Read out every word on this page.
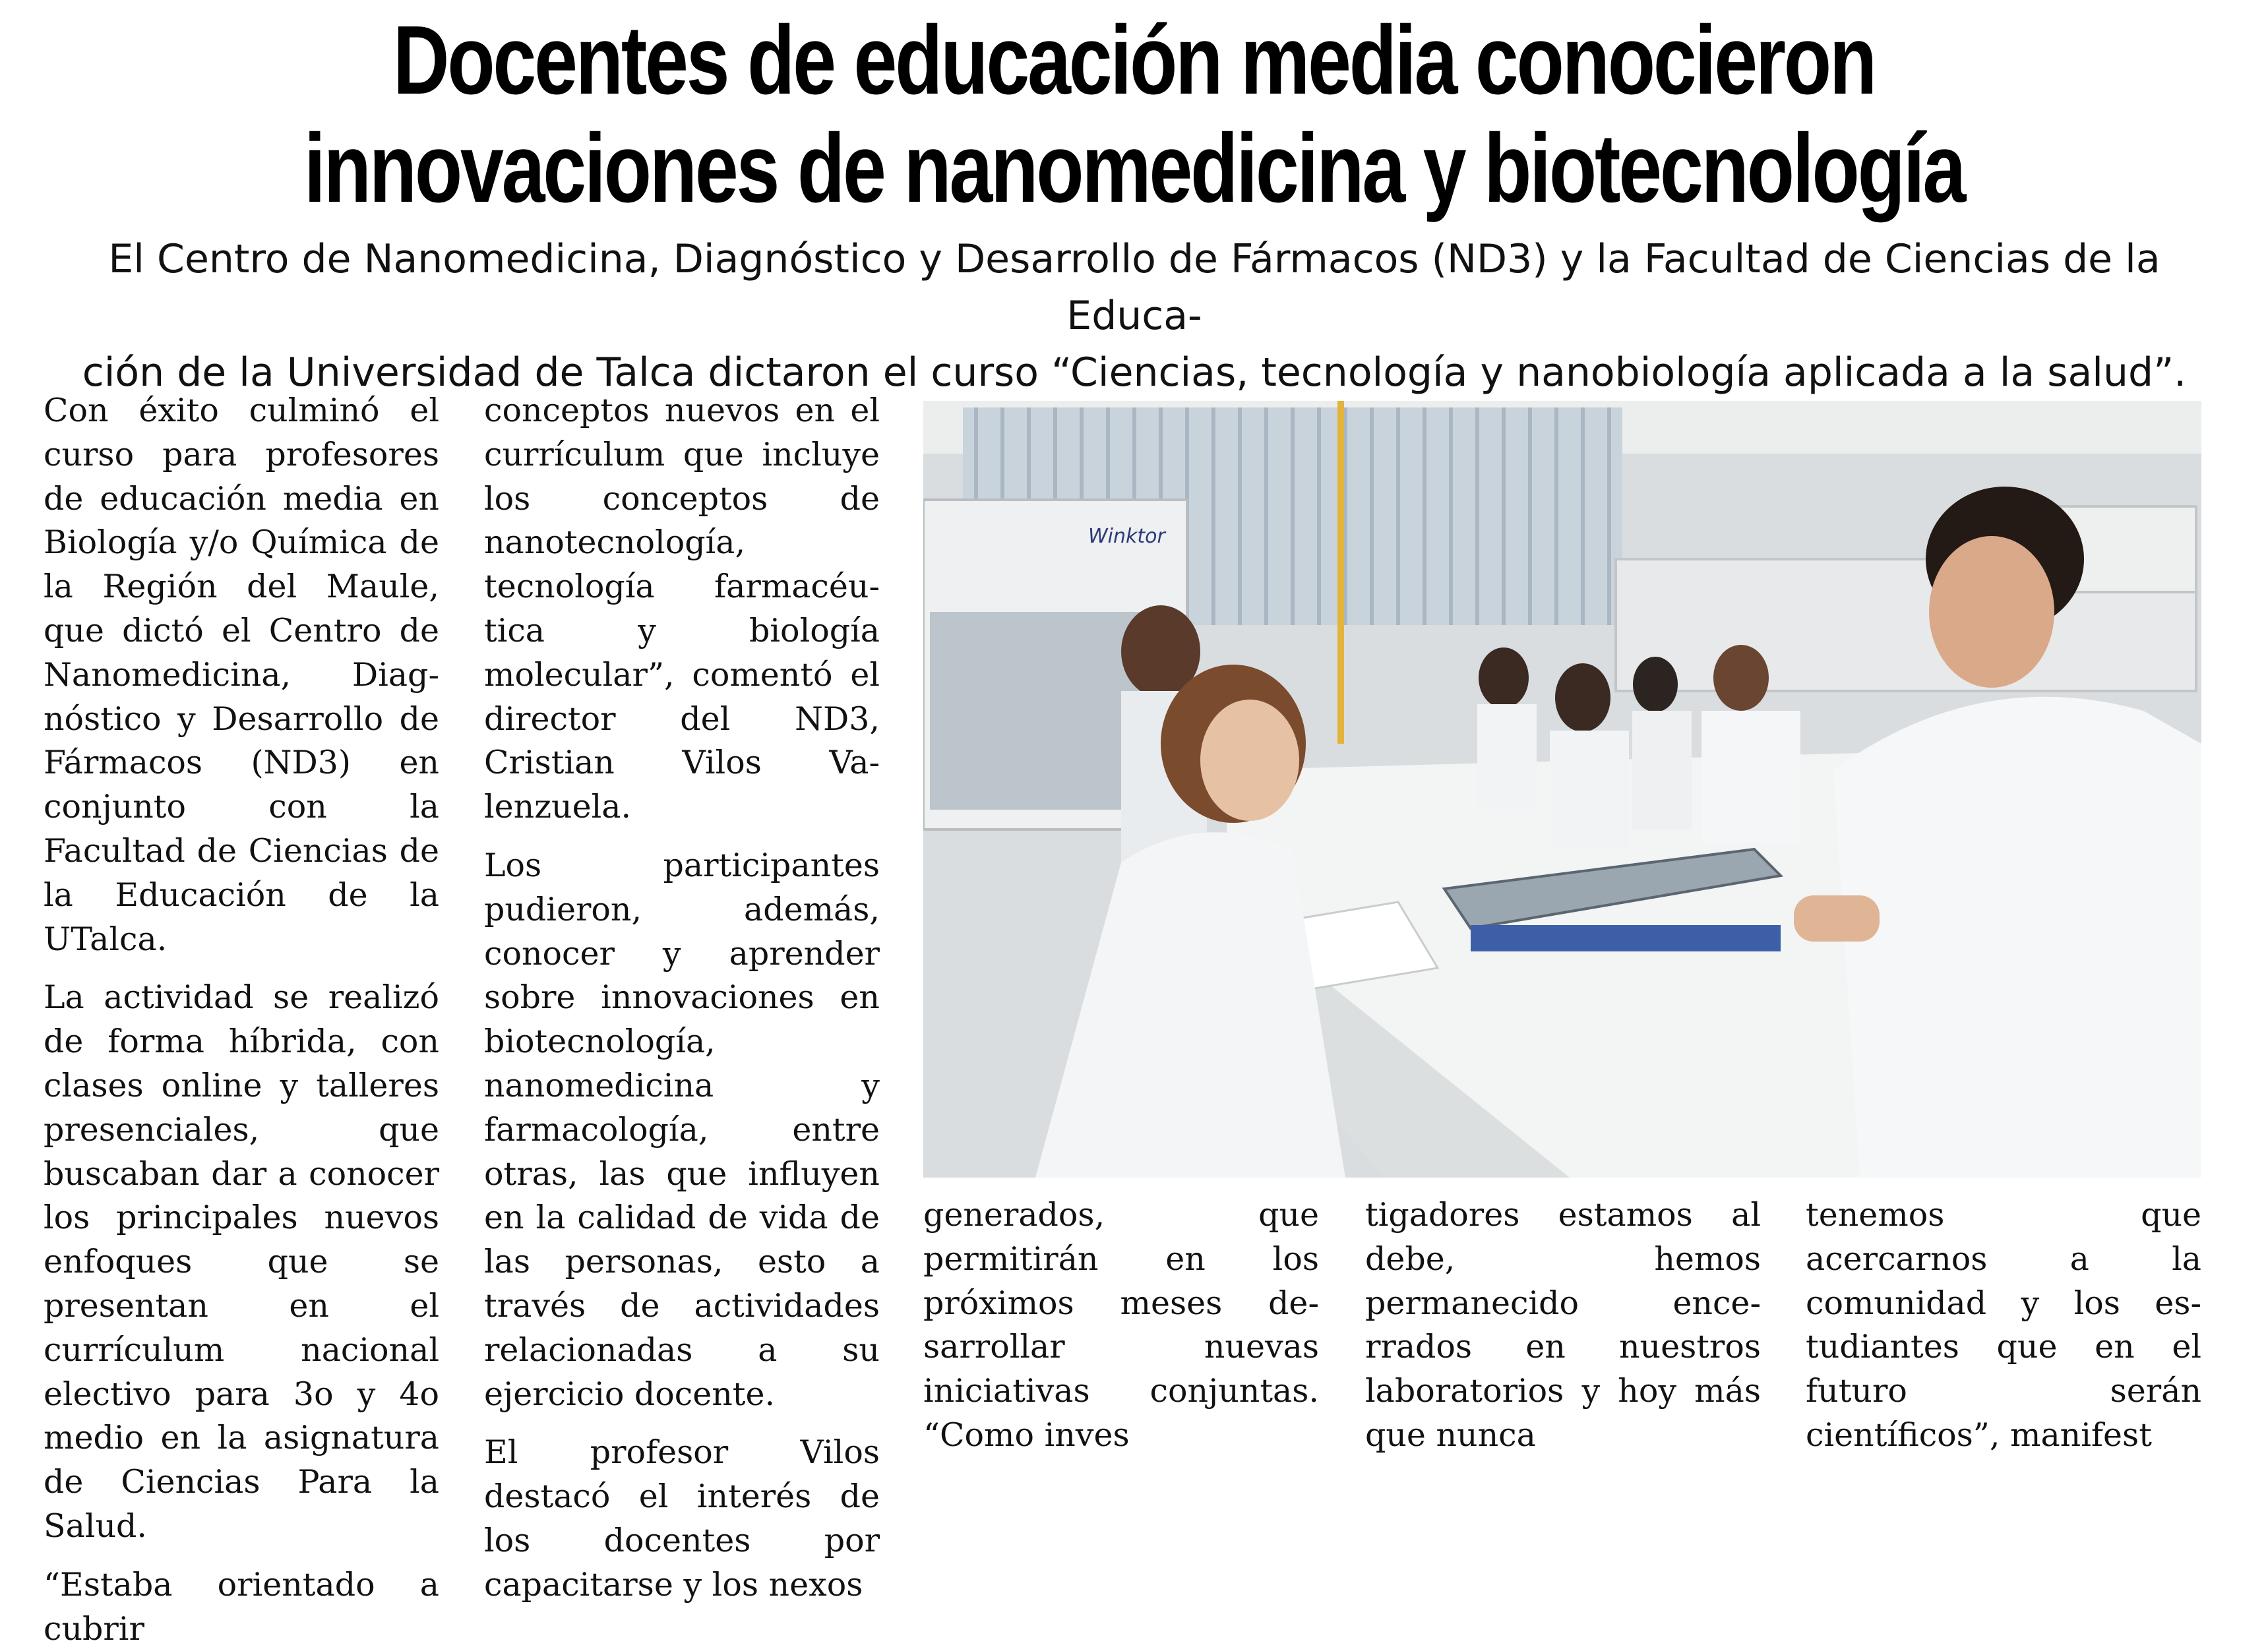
Docentes de educación media conocieron
innovaciones de nanomedicina y biotecnología
El Centro de Nanomedicina, Diagnóstico y Desarrollo de Fármacos (ND3) y la Facultad de Ciencias de la Educa-
ción de la Universidad de Talca dictaron el curso “Ciencias, tecnología y nanobiología aplicada a la salud”.

Con éxito culminó el curso para profesores de educación media en Biología y/o Química de la Región del Maule, que dictó el Centro de Nanomedicina, Diagnóstico y Desarrollo de Fármacos (ND3) en conjunto con la Facultad de Ciencias de la Educación de la UTalca.

La actividad se realizó de forma híbrida, con clases online y talleres presenciales, que buscaban dar a conocer los principales nuevos enfoques que se presentan en el currículum nacional electivo para 3o y 4o medio en la asignatura de Ciencias Para la Salud.

“Estaba orientado a cubrir

conceptos nuevos en el currículum que incluye los conceptos de nanotecnología, tecnología farmacéutica y biología molecular”, comentó el director del ND3, Cristian Vilos Valenzuela.

Los participantes pudieron, además, conocer y aprender sobre innovaciones en biotecnología, nanomedicina y farmacología, entre otras, las que influyen en la calidad de vida de las personas, esto a través de actividades relacionadas a su ejercicio docente.

El profesor Vilos destacó el interés de los docentes por capacitarse y los nexos

Winktor

generados, que permitirán en los próximos meses desarrollar nuevas iniciativas conjuntas. “Como inves

tigadores estamos al debe, hemos permanecido encerrados en nuestros laboratorios y hoy más que nunca

tenemos que acercarnos a la comunidad y los estudiantes que en el futuro serán científicos”, manifest
